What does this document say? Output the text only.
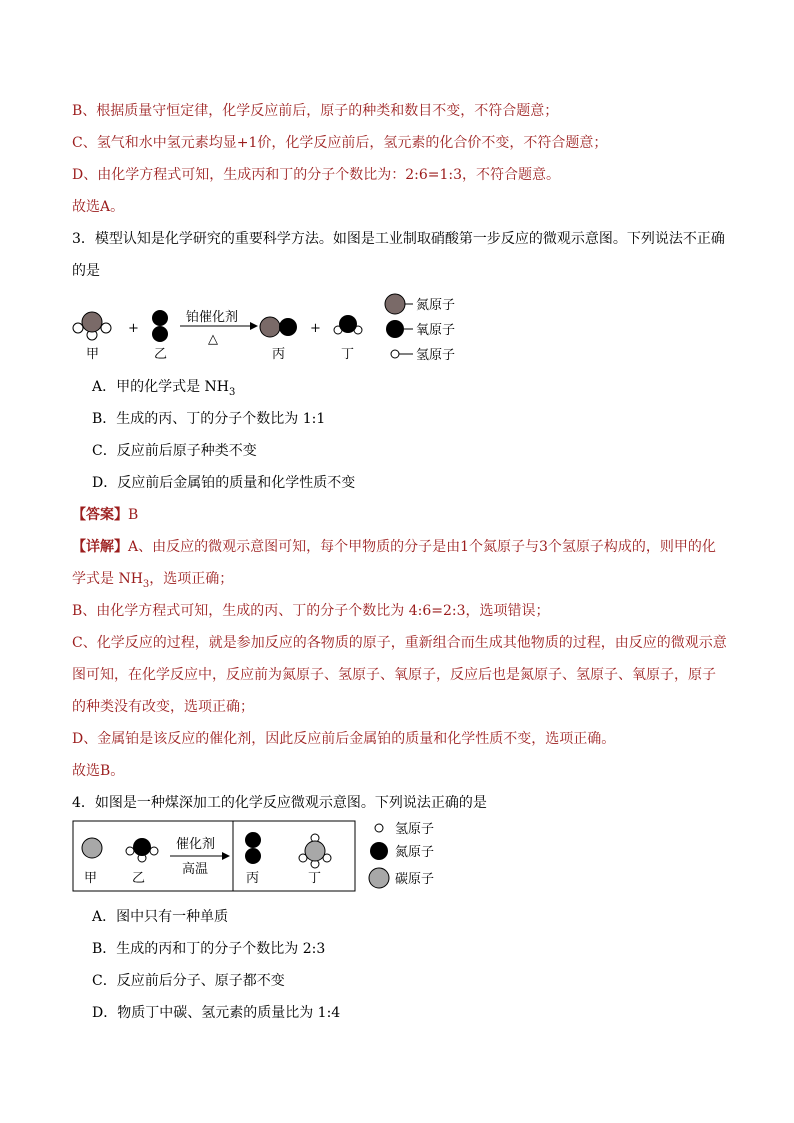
B、根据质量守恒定律，化学反应前后，原子的种类和数目不变，不符合题意；
C、氢气和水中氢元素均显+1价，化学反应前后，氢元素的化合价不变，不符合题意；
D、由化学方程式可知，生成丙和丁的分子个数比为：2:6=1:3，不符合题意。
故选A。
3．模型认知是化学研究的重要科学方法。如图是工业制取硝酸第一步反应的微观示意图。下列说法不正确
的是
甲
+
乙
铂催化剂
△
丙
+
丁
氮原子
氧原子
氢原子
A．甲的化学式是 $NH_3$
B．生成的丙、丁的分子个数比为 1:1
C．反应前后原子种类不变
D．反应前后金属铂的质量和化学性质不变
【答案】B
【详解】A、由反应的微观示意图可知，每个甲物质的分子是由1个氮原子与3个氢原子构成的，则甲的化
学式是 $NH_3$，选项正确；
B、由化学方程式可知，生成的丙、丁的分子个数比为 4:6=2:3，选项错误；
C、化学反应的过程，就是参加反应的各物质的原子，重新组合而生成其他物质的过程，由反应的微观示意
图可知，在化学反应中，反应前为氮原子、氢原子、氧原子，反应后也是氮原子、氢原子、氧原子，原子
的种类没有改变，选项正确；
D、金属铂是该反应的催化剂，因此反应前后金属铂的质量和化学性质不变，选项正确。
故选B。
4．如图是一种煤深加工的化学反应微观示意图。下列说法正确的是
甲	乙
催化剂
高温
丙	丁
氢原子
氮原子
碳原子
A．图中只有一种单质
B．生成的丙和丁的分子个数比为 2:3
C．反应前后分子、原子都不变
D．物质丁中碳、氢元素的质量比为 1:4
